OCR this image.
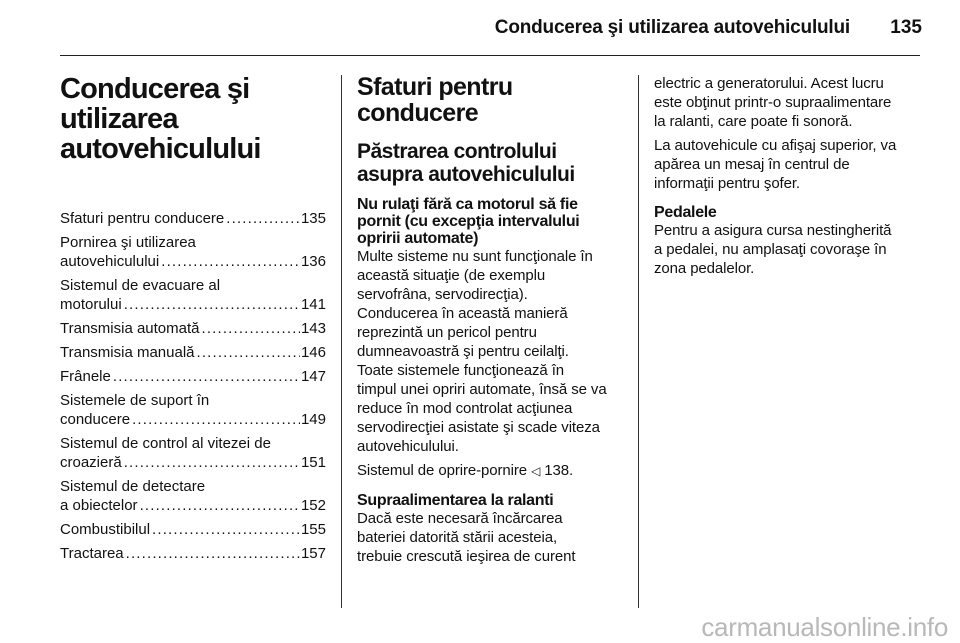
Conducerea şi utilizarea autovehiculului	135
Conducerea şi
utilizarea
autovehiculului
Sfaturi pentru conducere . . .	135
Pornirea şi utilizarea
autovehiculului . . .	136
Sistemul de evacuare al
motorului . . .	141
Transmisia automată . . .	143
Transmisia manuală . . .	146
Frânele . . .	147
Sistemele de suport în
conducere . . .	149
Sistemul de control al vitezei de
croazieră . . .	151
Sistemul de detectare
a obiectelor . . .	152
Combustibilul . . .	155
Tractarea . . .	157
Sfaturi pentru
conducere
Păstrarea controlului
asupra autovehiculului
Nu rulaţi fără ca motorul să fie
pornit (cu excepţia intervalului
opririi automate)

Multe sisteme nu sunt funcţionale în
această situaţie (de exemplu
servofrâna, servodirecţia).
Conducerea în această manieră
reprezintă un pericol pentru
dumneavoastră şi pentru ceilalţi.
Toate sistemele funcţionează în
timpul unei opriri automate, însă se va
reduce în mod controlat acţiunea
servodirecţiei asistate şi scade viteza
autovehiculului.

Sistemul de oprire-pornire ◁ 138.

Supraalimentarea la ralanti

Dacă este necesară încărcarea
bateriei datorită stării acesteia,
trebuie crescută ieşirea de curent

electric a generatorului. Acest lucru
este obţinut printr-o supraalimentare
la ralanti, care poate fi sonoră.

La autovehicule cu afişaj superior, va
apărea un mesaj în centrul de
informaţii pentru şofer.

Pedalele

Pentru a asigura cursa nestingherită
a pedalei, nu amplasaţi covoraşe în
zona pedalelor.

carmanualsonline.info
